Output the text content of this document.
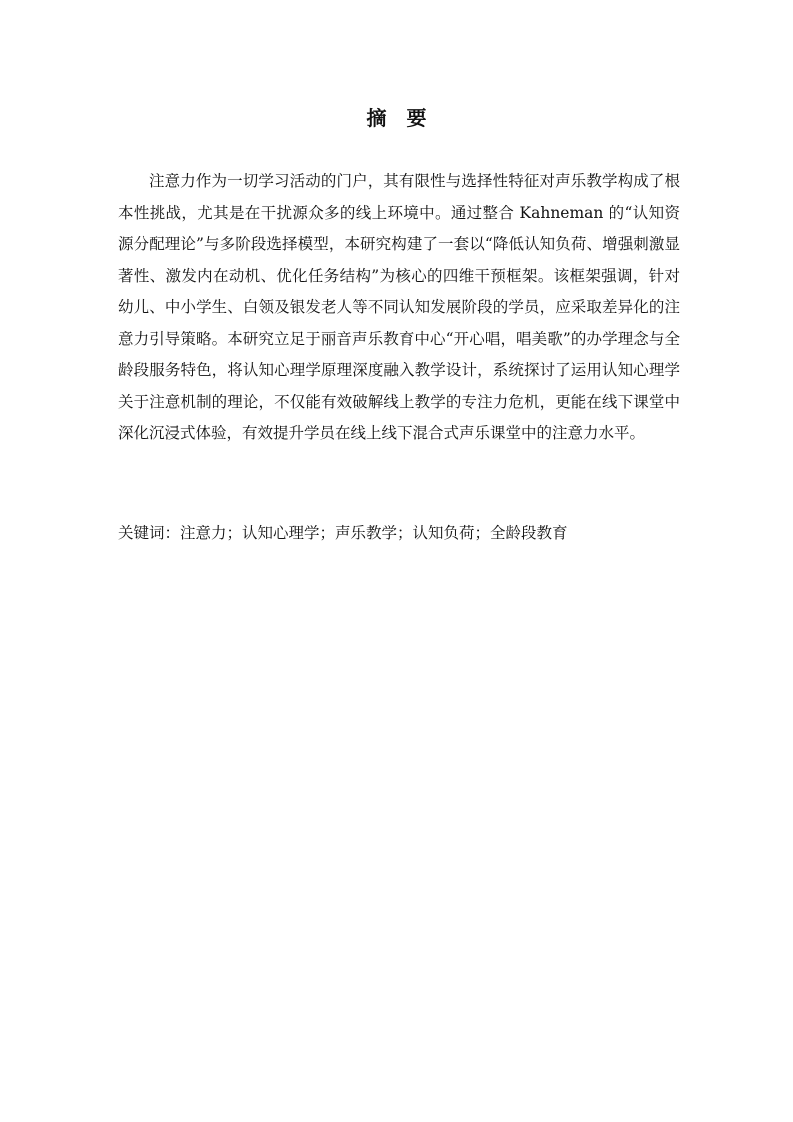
摘　要

注意力作为一切学习活动的门户，其有限性与选择性特征对声乐教学构成了根本性挑战，尤其是在干扰源众多的线上环境中。通过整合 Kahneman 的“认知资源分配理论”与多阶段选择模型，本研究构建了一套以“降低认知负荷、增强刺激显著性、激发内在动机、优化任务结构”为核心的四维干预框架。该框架强调，针对幼儿、中小学生、白领及银发老人等不同认知发展阶段的学员，应采取差异化的注意力引导策略。本研究立足于丽音声乐教育中心“开心唱，唱美歌”的办学理念与全龄段服务特色，将认知心理学原理深度融入教学设计，系统探讨了运用认知心理学关于注意机制的理论，不仅能有效破解线上教学的专注力危机，更能在线下课堂中深化沉浸式体验，有效提升学员在线上线下混合式声乐课堂中的注意力水平。

关键词：注意力；认知心理学；声乐教学；认知负荷；全龄段教育
